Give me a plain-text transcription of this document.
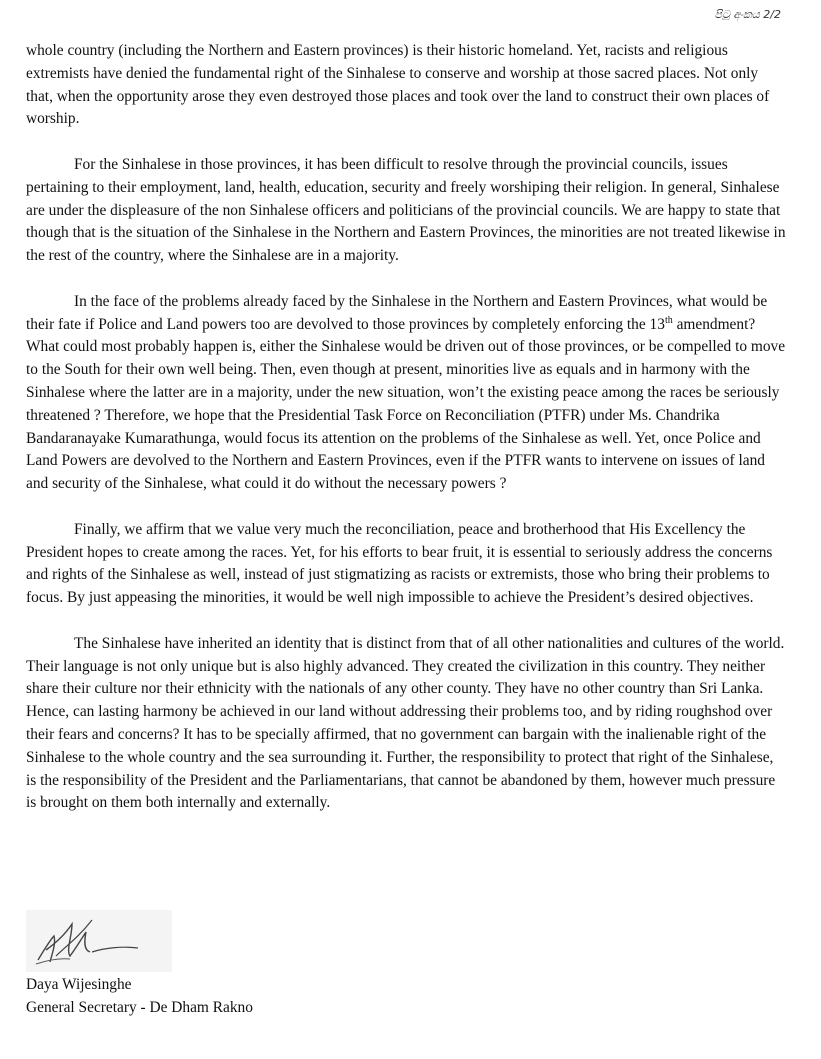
පිටු අංකය 2/2

whole country (including the Northern and Eastern provinces) is their historic homeland. Yet, racists and religious extremists have denied the fundamental right of the Sinhalese to conserve and worship at those sacred places. Not only that, when the opportunity arose they even destroyed those places and took over the land to construct their own places of worship.

For the Sinhalese in those provinces, it has been difficult to resolve through the provincial councils, issues pertaining to their employment, land, health, education, security and freely worshiping their religion. In general, Sinhalese are under the displeasure of the non Sinhalese officers and politicians of the provincial councils. We are happy to state that though that is the situation of the Sinhalese in the Northern and Eastern Provinces, the minorities are not treated likewise in the rest of the country, where the Sinhalese are in a majority.

In the face of the problems already faced by the Sinhalese in the Northern and Eastern Provinces, what would be their fate if Police and Land powers too are devolved to those provinces by completely enforcing the 13th amendment? What could most probably happen is, either the Sinhalese would be driven out of those provinces, or be compelled to move to the South for their own well being. Then, even though at present, minorities live as equals and in harmony with the Sinhalese where the latter are in a majority, under the new situation, won’t the existing peace among the races be seriously threatened ? Therefore, we hope that the Presidential Task Force on Reconciliation (PTFR) under Ms. Chandrika Bandaranayake Kumarathunga, would focus its attention on the problems of the Sinhalese as well. Yet, once Police and Land Powers are devolved to the Northern and Eastern Provinces, even if the PTFR wants to intervene on issues of land and security of the Sinhalese, what could it do without the necessary powers ?

Finally, we affirm that we value very much the reconciliation, peace and brotherhood that His Excellency the President hopes to create among the races. Yet, for his efforts to bear fruit, it is essential to seriously address the concerns and rights of the Sinhalese as well, instead of just stigmatizing as racists or extremists, those who bring their problems to focus. By just appeasing the minorities, it would be well nigh impossible to achieve the President’s desired objectives.

The Sinhalese have inherited an identity that is distinct from that of all other nationalities and cultures of the world. Their language is not only unique but is also highly advanced. They created the civilization in this country. They neither share their culture nor their ethnicity with the nationals of any other county. They have no other country than Sri Lanka. Hence, can lasting harmony be achieved in our land without addressing their problems too, and by riding roughshod over their fears and concerns? It has to be specially affirmed, that no government can bargain with the inalienable right of the Sinhalese to the whole country and the sea surrounding it. Further, the responsibility to protect that right of the Sinhalese, is the responsibility of the President and the Parliamentarians, that cannot be abandoned by them, however much pressure is brought on them both internally and externally.

Daya Wijesinghe
General Secretary - De Dham Rakno
